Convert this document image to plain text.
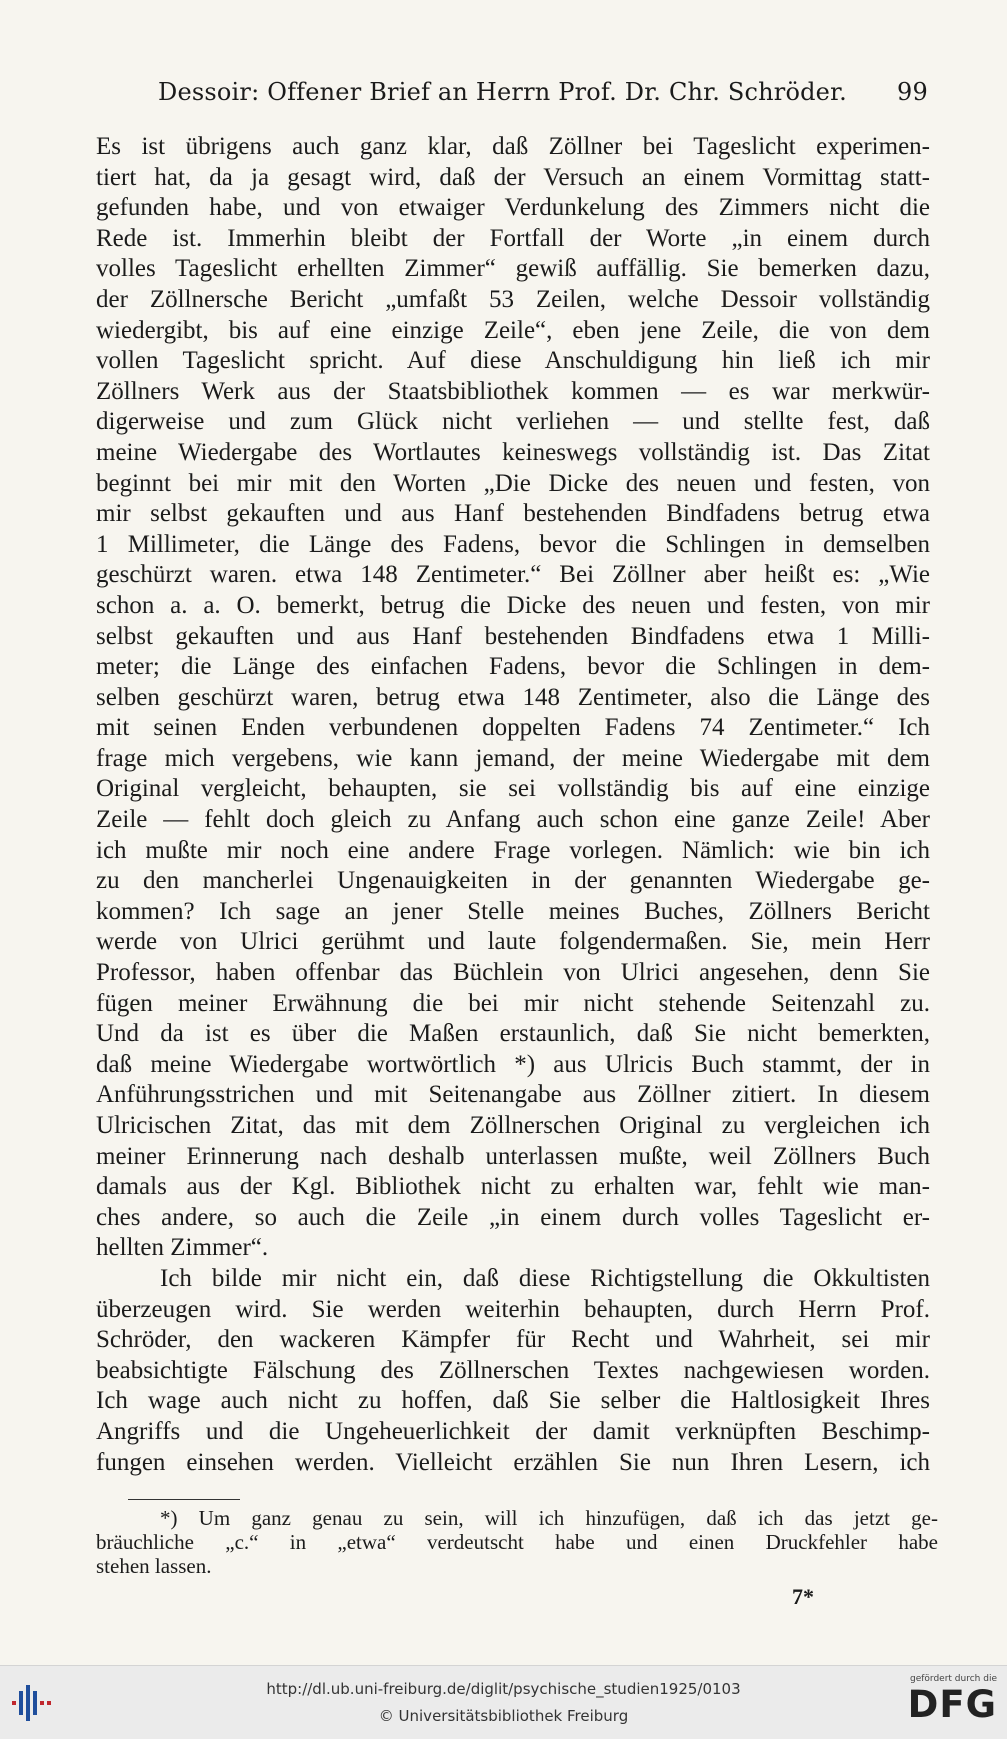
Dessoir: Offener Brief an Herrn Prof. Dr. Chr. Schröder. 99
Es ist übrigens auch ganz klar, daß Zöllner bei Tageslicht experimen-
tiert hat, da ja gesagt wird, daß der Versuch an einem Vormittag statt-
gefunden habe, und von etwaiger Verdunkelung des Zimmers nicht die
Rede ist. Immerhin bleibt der Fortfall der Worte „in einem durch
volles Tageslicht erhellten Zimmer“ gewiß auffällig. Sie bemerken dazu,
der Zöllnersche Bericht „umfaßt 53 Zeilen, welche Dessoir vollständig
wiedergibt, bis auf eine einzige Zeile“, eben jene Zeile, die von dem
vollen Tageslicht spricht. Auf diese Anschuldigung hin ließ ich mir
Zöllners Werk aus der Staatsbibliothek kommen — es war merkwür-
digerweise und zum Glück nicht verliehen — und stellte fest, daß
meine Wiedergabe des Wortlautes keineswegs vollständig ist. Das Zitat
beginnt bei mir mit den Worten „Die Dicke des neuen und festen, von
mir selbst gekauften und aus Hanf bestehenden Bindfadens betrug etwa
1 Millimeter, die Länge des Fadens, bevor die Schlingen in demselben
geschürzt waren. etwa 148 Zentimeter.“ Bei Zöllner aber heißt es: „Wie
schon a. a. O. bemerkt, betrug die Dicke des neuen und festen, von mir
selbst gekauften und aus Hanf bestehenden Bindfadens etwa 1 Milli-
meter; die Länge des einfachen Fadens, bevor die Schlingen in dem-
selben geschürzt waren, betrug etwa 148 Zentimeter, also die Länge des
mit seinen Enden verbundenen doppelten Fadens 74 Zentimeter.“ Ich
frage mich vergebens, wie kann jemand, der meine Wiedergabe mit dem
Original vergleicht, behaupten, sie sei vollständig bis auf eine einzige
Zeile — fehlt doch gleich zu Anfang auch schon eine ganze Zeile! Aber
ich mußte mir noch eine andere Frage vorlegen. Nämlich: wie bin ich
zu den mancherlei Ungenauigkeiten in der genannten Wiedergabe ge-
kommen? Ich sage an jener Stelle meines Buches, Zöllners Bericht
werde von Ulrici gerühmt und laute folgendermaßen. Sie, mein Herr
Professor, haben offenbar das Büchlein von Ulrici angesehen, denn Sie
fügen meiner Erwähnung die bei mir nicht stehende Seitenzahl zu.
Und da ist es über die Maßen erstaunlich, daß Sie nicht bemerkten,
daß meine Wiedergabe wortwörtlich *) aus Ulricis Buch stammt, der in
Anführungsstrichen und mit Seitenangabe aus Zöllner zitiert. In diesem
Ulricischen Zitat, das mit dem Zöllnerschen Original zu vergleichen ich
meiner Erinnerung nach deshalb unterlassen mußte, weil Zöllners Buch
damals aus der Kgl. Bibliothek nicht zu erhalten war, fehlt wie man-
ches andere, so auch die Zeile „in einem durch volles Tageslicht er-
hellten Zimmer“.
Ich bilde mir nicht ein, daß diese Richtigstellung die Okkultisten
überzeugen wird. Sie werden weiterhin behaupten, durch Herrn Prof.
Schröder, den wackeren Kämpfer für Recht und Wahrheit, sei mir
beabsichtigte Fälschung des Zöllnerschen Textes nachgewiesen worden.
Ich wage auch nicht zu hoffen, daß Sie selber die Haltlosigkeit Ihres
Angriffs und die Ungeheuerlichkeit der damit verknüpften Beschimp-
fungen einsehen werden. Vielleicht erzählen Sie nun Ihren Lesern, ich
*) Um ganz genau zu sein, will ich hinzufügen, daß ich das jetzt ge-
bräuchliche „c.“ in „etwa“ verdeutscht habe und einen Druckfehler habe
stehen lassen.
7*
http://dl.ub.uni-freiburg.de/diglit/psychische_studien1925/0103
© Universitätsbibliothek Freiburg
gefördert durch die
DFG
